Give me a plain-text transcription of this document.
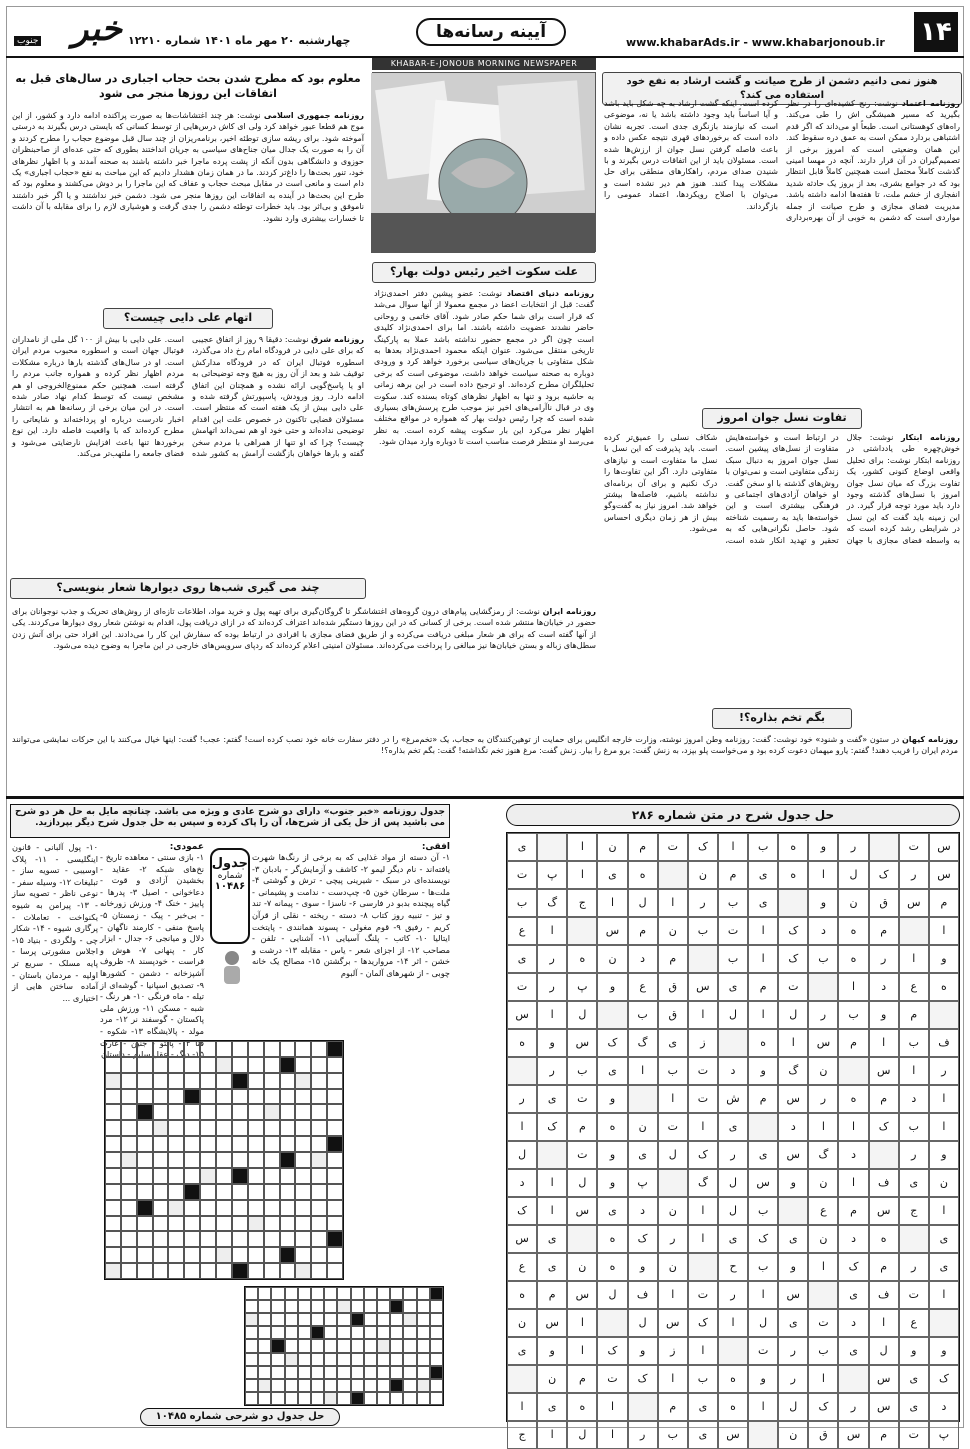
۱۴
www.khabarAds.ir - www.khabarjonoub.ir
آیینه رسانه‌ها
چهارشنبه ۲۰ مهر ماه ۱۴۰۱ شماره ۱۲۲۱۰
خبر
جنوب
KHABAR-E-JONOUB MORNING NEWSPAPER
هنوز نمی دانیم دشمن از طرح صیانت و گشت ارشاد به نفع خود استفاده می کند؟
روزنامه اعتماد نوشت: رنج کشیده‌ای را در نظر بگیرید که مسیر همیشگی اش را طی می‌کند. راه‌های کوهستانی است. طبعاً او می‌داند که اگر قدم اشتباهی بردارد ممکن است به عمق دره سقوط کند. این همان وضعیتی است که امروز برخی از تصمیم‌گیران در آن قرار دارند. آنچه در مهسا امینی گذشت کاملاً محتمل است همچنین کاملاً قابل انتظار بود که در جوامع بشری، بعد از بروز یک حادثه شدید انفجاری از خشم ملت، تا هفته‌ها ادامه داشته باشد. مدیریت فضای مجازی و طرح صیانت از جمله مواردی است که دشمن به خوبی از آن بهره‌برداری کرده است. اینکه گشت ارشاد به چه شکل باید باشد و آیا اساساً باید وجود داشته باشد یا نه، موضوعی است که نیازمند بازنگری جدی است. تجربه نشان داده است که برخوردهای قهری نتیجه عکس داده و باعث فاصله گرفتن نسل جوان از ارزش‌ها شده است. مسئولان باید از این اتفاقات درس بگیرند و با شنیدن صدای مردم، راهکارهای منطقی برای حل مشکلات پیدا کنند. هنوز هم دیر نشده است و می‌توان با اصلاح رویکردها، اعتماد عمومی را بازگرداند.
تفاوت نسل جوان امروز
روزنامه ابتکار نوشت: جلال خوش‌چهره طی یادداشتی در روزنامه ابتکار نوشت: برای تحلیل واقعی اوضاع کنونی کشور، یک تفاوت بزرگ که میان نسل جوان امروز با نسل‌های گذشته وجود دارد باید مورد توجه قرار گیرد. در این زمینه باید گفت که این نسل در شرایطی رشد کرده است که به واسطه فضای مجازی با جهان در ارتباط است و خواسته‌هایش متفاوت از نسل‌های پیشین است. نسل جوان امروز به دنبال سبک زندگی متفاوتی است و نمی‌توان با روش‌های گذشته با او سخن گفت. او خواهان آزادی‌های اجتماعی و فرهنگی بیشتری است و این خواسته‌ها باید به رسمیت شناخته شود. حاصل نگرانی‌هایی که به تحقیر و تهدید انکار شده است، شکاف نسلی را عمیق‌تر کرده است. باید پذیرفت که این نسل با نسل ما متفاوت است و نیازهای متفاوتی دارد. اگر این تفاوت‌ها را درک نکنیم و برای آن برنامه‌ای نداشته باشیم، فاصله‌ها بیشتر خواهد شد. امروز نیاز به گفت‌وگو بیش از هر زمان دیگری احساس می‌شود.
علت سکوت اخیر رئیس دولت بهار؟
روزنامه دنیای اقتصاد نوشت: عضو پیشین دفتر احمدی‌نژاد گفت: قبل از انتخابات اعضا در مجمع معمولا از آنها سوال می‌شد که قرار است برای شما حکم صادر شود. آقای خاتمی و روحانی حاضر نشدند عضویت داشته باشند. اما برای احمدی‌نژاد کلیدی است چون اگر در مجمع حضور نداشته باشد عملا به پارکینگ تاریخی منتقل می‌شود. عنوان اینکه محمود احمدی‌نژاد بعدها به شکل متفاوتی با جریان‌های سیاسی برخورد خواهد کرد و ورودی دوباره به صحنه سیاست خواهد داشت، موضوعی است که برخی تحلیلگران مطرح کرده‌اند. او ترجیح داده است در این برهه زمانی به حاشیه برود و تنها به اظهار نظرهای کوتاه بسنده کند. سکوت وی در قبال ناآرامی‌های اخیر نیز موجب طرح پرسش‌های بسیاری شده است که چرا رئیس دولت بهار که همواره در مواقع مختلف اظهار نظر می‌کرد این بار سکوت پیشه کرده است. به نظر می‌رسد او منتظر فرصت مناسب است تا دوباره وارد میدان شود.
معلوم بود که مطرح شدن بحث حجاب اجباری در سال‌های قبل به اتفاقات این روزها منجر می شود
روزنامه جمهوری اسلامی نوشت: هر چند اغتشاشات‌ها به صورت پراکنده ادامه دارد و کشور، از این موج هم قطعا عبور خواهد کرد ولی ای کاش درس‌هایی از توسط کسانی که بایستی درس بگیرند به درستی آموخته شود. برای ریشه سازی توطئه اخیر، برنامه‌ریزان از چند سال قبل موضوع حجاب را مطرح کردند و آن را به صورت یک جدال میان جناح‌های سیاسی به جریان انداختند بطوری که حتی عده‌ای از صاحبنظران حوزوی و دانشگاهی بدون آنکه از پشت پرده ماجرا خبر داشته باشند به صحنه آمدند و با اظهار نظرهای خود، تنور بحث‌ها را داغ‌تر کردند. ما در همان زمان هشدار دادیم که این مباحث به نفع «حجاب اجباری» یک دام است و مانعی است در مقابل مبحث حجاب و عفاف که این ماجرا را بر دوش می‌کشند و معلوم بود که طرح این بحث‌ها در آینده به اتفاقات این روزها منجر می شود. دشمن خبر نداشتند و یا اگر خبر داشتند ناموفق و بی‌اثر بود. باید خطرات توطئه دشمن را جدی گرفت و هوشیاری لازم را برای مقابله با آن داشت تا خسارات بیشتری وارد نشود.
اتهام علی دایی چیست؟
روزنامه شرق نوشت: دقیقا ۹ روز از اتفاق عجیبی که برای علی دایی در فرودگاه امام رخ داد می‌گذرد، اسطوره فوتبال ایران که در فرودگاه مدارکش توقیف شد و بعد از آن روز به هیچ وجه توضیحاتی به او یا پاسخ‌گویی ارائه نشده و همچنان این اتفاق ادامه دارد. روز ورودش، پاسپورتش گرفته شده و علی دایی بیش از یک هفته است که منتظر است. مسئولان قضایی تاکنون در خصوص علت این اقدام توضیحی نداده‌اند و حتی خود او هم نمی‌داند اتهامش چیست؟ چرا که او تنها از همراهی با مردم سخن گفته و بارها خواهان بازگشت آرامش به کشور شده است. علی دایی با بیش از ۱۰۰ گل ملی از نامداران فوتبال جهان است و اسطوره محبوب مردم ایران است. او در سال‌های گذشته بارها درباره مشکلات مردم اظهار نظر کرده و همواره جانب مردم را گرفته است. همچنین حکم ممنوع‌الخروجی او هم مشخص نیست که توسط کدام نهاد صادر شده است. در این میان برخی از رسانه‌ها هم به انتشار اخبار نادرست درباره او پرداخته‌اند و شایعاتی را مطرح کرده‌اند که با واقعیت فاصله دارد. این نوع برخوردها تنها باعث افزایش نارضایتی می‌شود و فضای جامعه را ملتهب‌تر می‌کند.
چند می‌ گیری شب‌ها روی دیوارها شعار بنویسی؟
روزنامه ایران نوشت: از رمزگشایی پیام‌های درون گروه‌های اغتشاشگر تا گروگان‌گیری برای تهیه پول و خرید مواد، اطلاعات تازه‌ای از روش‌های تحریک و جذب نوجوانان برای حضور در خیابان‌ها منتشر شده است. برخی از کسانی که در این روزها دستگیر شده‌اند اعتراف کرده‌اند که در ازای دریافت پول، اقدام به نوشتن شعار روی دیوارها می‌کردند. یکی از آنها گفته است که برای هر شعار مبلغی دریافت می‌کرده و از طریق فضای مجازی با افرادی در ارتباط بوده که سفارش این کار را می‌دادند. این افراد حتی برای آتش زدن سطل‌های زباله و بستن خیابان‌ها نیز مبالغی را پرداخت می‌کرده‌اند. مسئولان امنیتی اعلام کرده‌اند که ردپای سرویس‌های خارجی در این ماجرا به وضوح دیده می‌شود.
بگم تخم بذاره؟!
روزنامه کیهان در ستون «گفت و شنود» خود نوشت: گفت: روزنامه وطن امروز نوشته، وزارت خارجه انگلیس برای حمایت از توهین‌کنندگان به حجاب، یک «تخم‌مرغ» را در دفتر سفارت خانه خود نصب کرده است! گفتم: عجب! گفت: اینها خیال می‌کنند با این حرکات نمایشی می‌توانند مردم ایران را فریب دهند! گفتم: یارو میهمان دعوت کرده بود و می‌خواست پلو بپزد، به زنش گفت: برو مرغ را بیار. زنش گفت: مرغ هنوز تخم نگذاشته! گفت: بگم تخم بذاره؟!
حل جدول شرح در متن شماره ۲۸۶
س
ت
ر
و
ه
ب
ا
ک
ت
م
ن
ا
ی
س
ر
ک
ل
ا
ه
ی
م
ن
ه
ی
ا
پ
ت
م
س
ق
ن
و
ی
ب
ر
ا
ل
ا
ج
گ
ب
ا
م
ه
د
ک
ا
ت
ب
ن
م
س
ا
ع
و
ا
ر
ه
ب
ک
ا
ب
م
د
ن
ه
ر
ی
ه
ع
د
ا
ت
م
ی
س
ق
ع
و
پ
ر
ت
م
و
ب
ر
ل
ا
ل
ا
ق
ب
ل
ا
س
ف
ب
ا
م
س
ا
ه
ز
ی
گ
ک
س
و
ه
ر
ا
س
ن
گ
و
د
ت
ب
ا
ی
ب
ر
ا
د
م
ه
ر
س
م
ش
ت
ا
و
ت
ی
ر
ا
ب
ک
ا
ا
د
ی
ا
ت
ن
ه
م
ک
ا
و
ر
د
گ
س
ی
ر
ک
ل
ی
و
ت
ل
ن
ی
ف
ا
ن
و
س
ل
گ
پ
و
ل
ا
د
ا
ج
س
م
ع
ب
ل
ا
ن
د
ی
س
ا
ک
ی
ه
د
ن
ی
ک
ی
ا
ر
ک
ه
ی
س
ی
ر
م
ک
ا
و
ب
ح
ن
و
ه
ن
ی
ع
ا
ت
ف
ی
س
ا
ر
ت
ا
ف
ل
س
م
ه
ع
ا
د
ت
ی
ل
ا
ک
س
ل
ا
س
ن
و
و
ل
ی
ب
ر
ت
ا
ز
و
ک
ا
و
ی
ک
ی
س
ا
ر
و
ه
ب
ا
ک
ت
م
ن
د
ی
س
ر
ک
ل
ا
ه
ی
م
ا
ه
ی
ا
پ
ت
م
س
ق
ن
س
ی
ب
ر
ا
ل
ا
ج
جدول روزنامه «خبر جنوب» دارای دو شرح عادی و ویژه می باشد. چنانچه مایل به حل هر دو شرح می باشید پس از حل یکی از شرح‌ها، آن را پاک کرده و سپس به حل جدول شرح دیگر بپردازید.
افقی:
۱- آن دسته از مواد غذایی که به برخی از رنگ‌ها شهرت یافته‌اند - نام دیگر لیمو ۲- کاشف و آزمایش‌گر - بادبان ۳- نویسنده‌ای در سبک - شیرینی پیچی - ترش و گوشتی ۴- ملت‌ها - سرطان خون ۵- چپ‌دست - ندامت و پشیمانی - گیاه پیچنده بدبو در فارسی ۶- ناسزا - سوی - پیمانه ۷- تند و تیز - تنبیه روز کتاب ۸- دسته - ریخته - نقلی از قرآن کریم - رفیق ۹- قوم مغولی - پسوند همانندی - پایتخت ایتالیا ۱۰- کاتب - پلنگ آسیایی ۱۱- آشنایی - تلفن - مصاحب ۱۲- از اجزای شعر - یاس - مقابله ۱۳- درشت و خشن - اثر ۱۴- مرواریدها - برگشتن ۱۵- مصالح یک خانه چوبی - از شهرهای آلمان - آلبوم
جدول
شماره
۱۰۴۸۶
عمودی:
۱- بازی سنتی - معاهده تاریخ - نخ‌های شبکه ۲- عقاید - بخشیدن آزادی و قوت - دعاخوانی - اصیل ۳- پدرها - پاییز - خنک ۴- ورزش زورخانه - بی‌خبر - پیک - زمستان ۵- پاسخ منفی - کارمند ناگهان - دلال و میانجی ۶- جدال - ابزار کار - پنهانی ۷- هوش و فراست - خودپسند ۸- ظروف آشپزخانه - دشمن - کشورها ۹- تصدیق اسپانیا - گوشه‌ای از تیله - ماه فرنگی ۱۰- هر رنگ - شبه - مسکن ۱۱- ورزش ملی پاکستان - گوسفند نر ۱۲- مرد مولد - پالایشگاه ۱۳- شکوه - فنا ۱۴- پالتو - جنین - غارت ۱۵- دیگ - عقل سلیم - داستان
۱۰- پول آلبانی - قانون اینگلیسی - ۱۱- پلاک اوسیبی - تسویه ساز - تبلیغات ۱۲- وسیله سفر - نوعی ناظر - تصویه ساز - ۱۳- پیرامن به شیوه یکنواخت - تعاملات - پرگاری شیوه - ۱۴- شکار چی - ولگردی - بنیاد ۱۵- اجلاس مشورتی پرسا - پایه مسلک - سریع تر اولیه - مردمان باستان - آماده ساختن هایی از اختیاری ...
حل جدول دو شرحی شماره ۱۰۴۸۵
